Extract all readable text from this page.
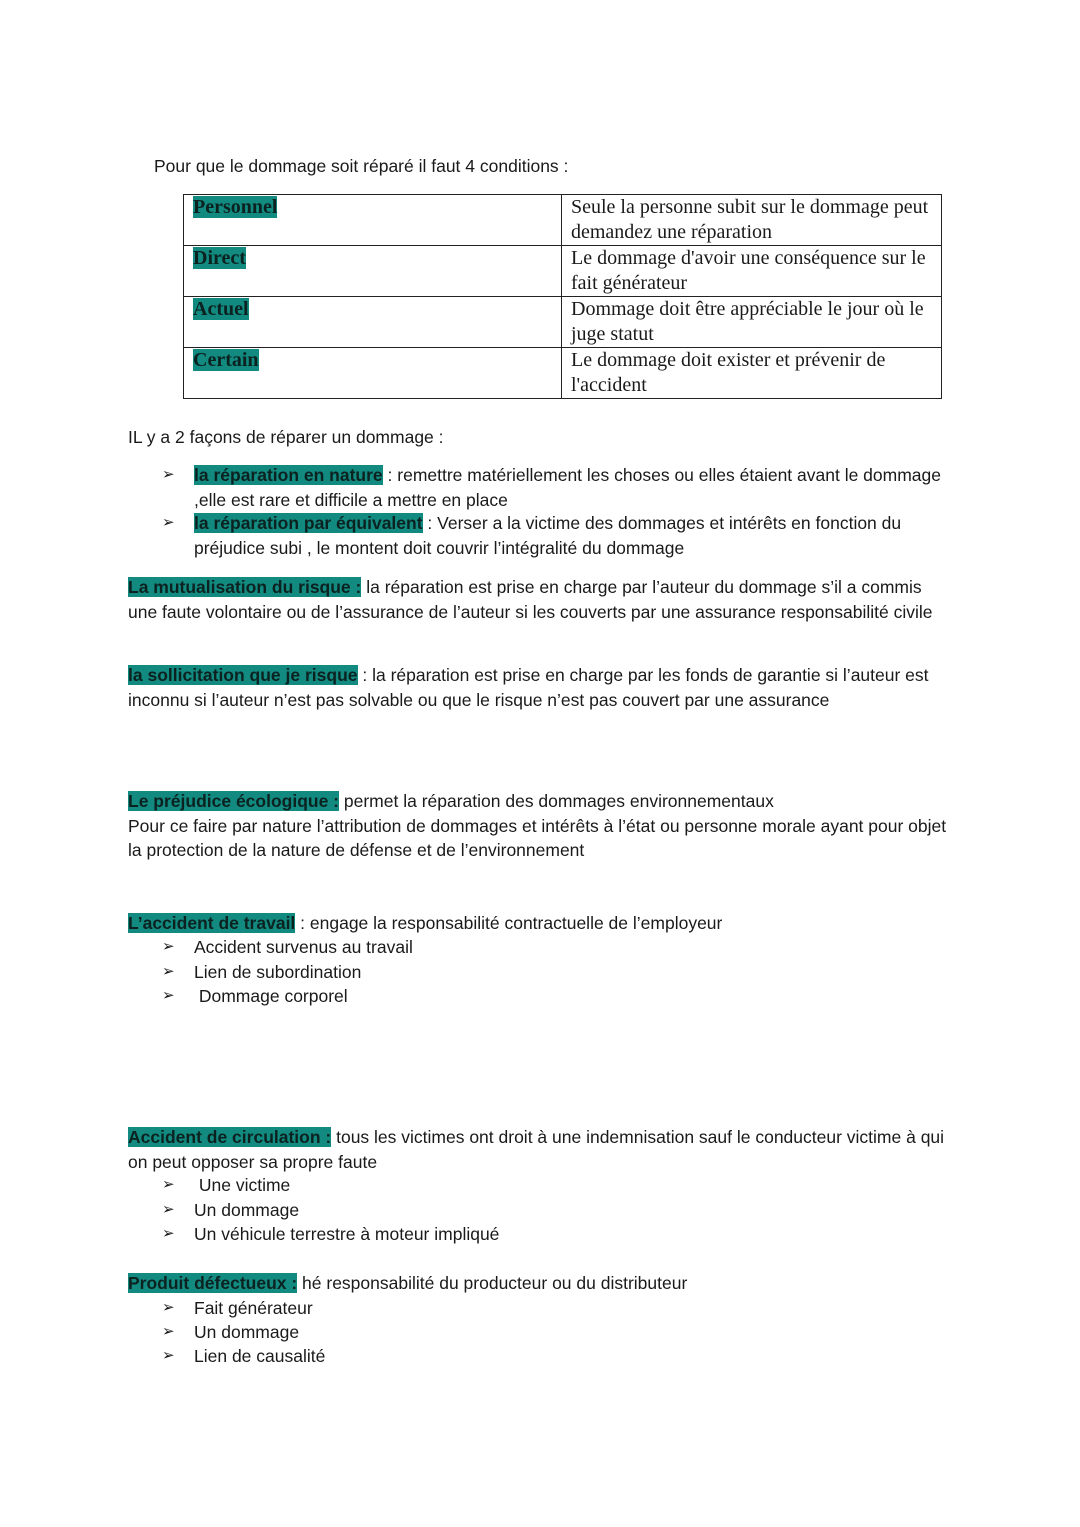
Pour que le dommage soit réparé il faut 4 conditions :
Personnel	Seule la personne subit sur le dommage peut demandez une réparation
Direct	Le dommage d'avoir une conséquence sur le fait générateur
Actuel	Dommage doit être appréciable le jour où le juge statut
Certain	Le dommage doit exister et prévenir de l'accident
IL y a 2 façons de réparer un dommage :
➢	la réparation en nature : remettre matériellement les choses ou elles étaient avant le dommage ,elle est rare et difficile a mettre en place
➢	la réparation par équivalent : Verser a la victime des dommages et intérêts en fonction du préjudice subi , le montent doit couvrir l’intégralité du dommage
La mutualisation du risque : la réparation est prise en charge par l’auteur du dommage s’il a commis une faute volontaire ou de l’assurance de l’auteur si les couverts par une assurance responsabilité civile
la sollicitation que je risque : la réparation est prise en charge par les fonds de garantie si l’auteur est inconnu si l’auteur n’est pas solvable ou que le risque n’est pas couvert par une assurance
Le préjudice écologique : permet la réparation des dommages environnementaux
Pour ce faire par nature l’attribution de dommages et intérêts à l’état ou personne morale ayant pour objet la protection de la nature de défense et de l’environnement
L’accident de travail : engage la responsabilité contractuelle de l’employeur
➢	Accident survenus au travail
➢	Lien de subordination
➢	Dommage corporel
Accident de circulation : tous les victimes ont droit à une indemnisation sauf le conducteur victime à qui on peut opposer sa propre faute
➢	Une victime
➢	Un dommage
➢	Un véhicule terrestre à moteur impliqué
Produit défectueux : hé responsabilité du producteur ou du distributeur
➢	Fait générateur
➢	Un dommage
➢	Lien de causalité
